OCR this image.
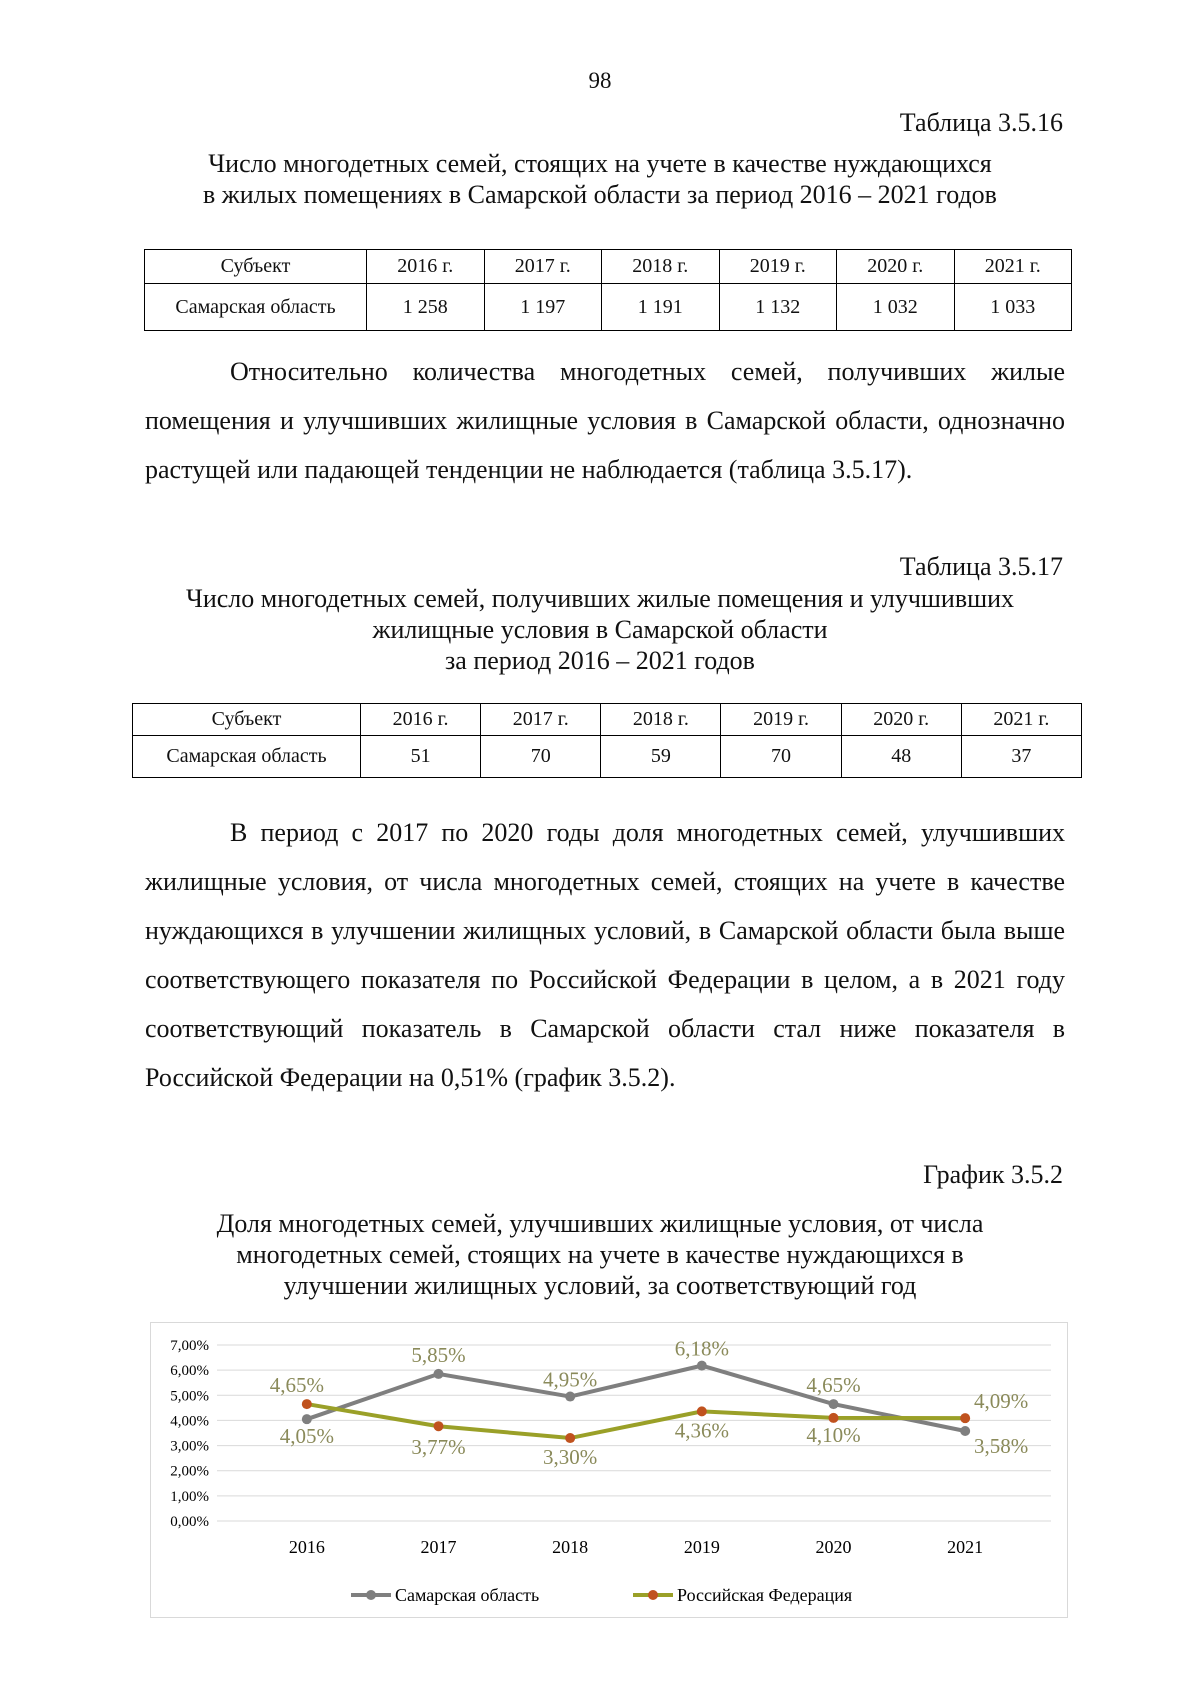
98
Таблица 3.5.16
Число многодетных семей, стоящих на учете в качестве нуждающихся
в жилых помещениях в Самарской области за период 2016 – 2021 годов
Субъект	2016 г.	2017 г.	2018 г.	2019 г.	2020 г.	2021 г.
Самарская область	1 258	1 197	1 191	1 132	1 032	1 033
Относительно количества многодетных семей, получивших жилые помещения и улучшивших жилищные условия в Самарской области, однозначно растущей или падающей тенденции не наблюдается (таблица 3.5.17).
Таблица 3.5.17
Число многодетных семей, получивших жилые помещения и улучшивших
жилищные условия в Самарской области
за период 2016 – 2021 годов
Субъект	2016 г.	2017 г.	2018 г.	2019 г.	2020 г.	2021 г.
Самарская область	51	70	59	70	48	37
В период с 2017 по 2020 годы доля многодетных семей, улучшивших жилищные условия, от числа многодетных семей, стоящих на учете в качестве нуждающихся в улучшении жилищных условий, в Самарской области была выше соответствующего показателя по Российской Федерации в целом, а в 2021 году соответствующий показатель в Самарской области стал ниже показателя в Российской Федерации на 0,51% (график 3.5.2).
График 3.5.2
Доля многодетных семей, улучшивших жилищные условия, от числа
многодетных семей, стоящих на учете в качестве нуждающихся в
улучшении жилищных условий, за соответствующий год
0,00%
1,00%
2,00%
3,00%
4,00%
5,00%
6,00%
7,00%
2016	2017	2018	2019	2020	2021
4,05%
5,85%
4,95%
6,18%
4,65%
3,58%
4,65%
3,77%	3,30%
4,36%	4,10%
4,09%
Самарская область	Российская Федерация
